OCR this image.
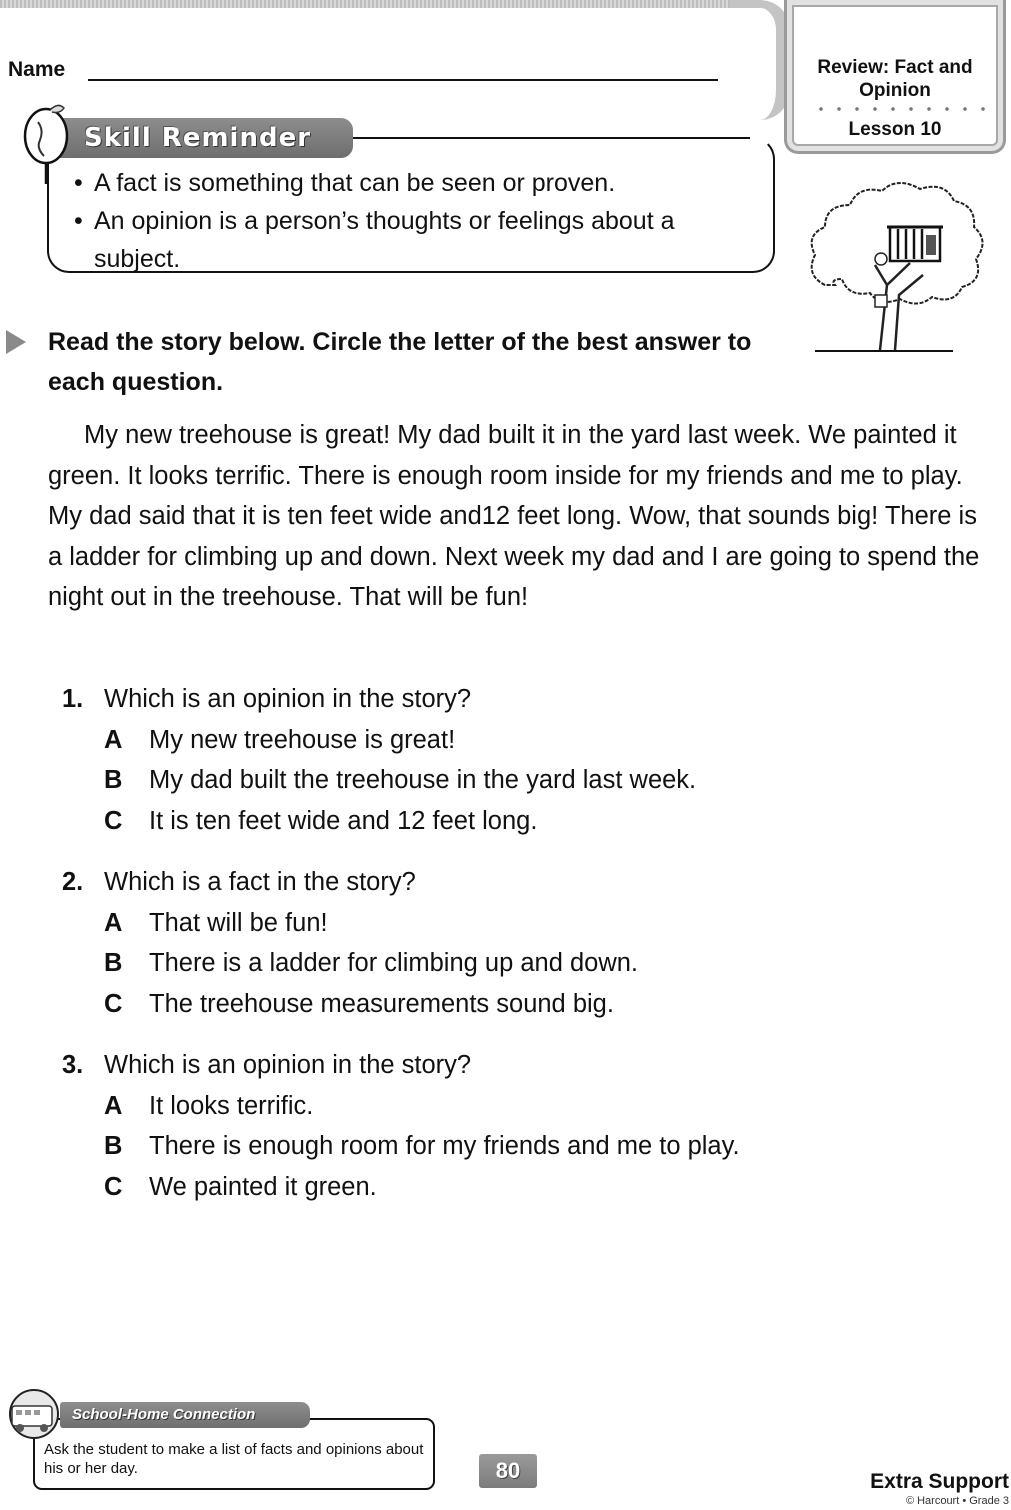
Review: Fact and Opinion
Lesson 10
Name
Skill Reminder
• A fact is something that can be seen or proven.
• An opinion is a person’s thoughts or feelings about a subject.
Read the story below. Circle the letter of the best answer to each question.
My new treehouse is great! My dad built it in the yard last week. We painted it green. It looks terrific. There is enough room inside for my friends and me to play. My dad said that it is ten feet wide and12 feet long. Wow, that sounds big! There is a ladder for climbing up and down. Next week my dad and I are going to spend the night out in the treehouse. That will be fun!
1. Which is an opinion in the story?
A	My new treehouse is great!
B	My dad built the treehouse in the yard last week.
C	It is ten feet wide and 12 feet long.
2. Which is a fact in the story?
A	That will be fun!
B	There is a ladder for climbing up and down.
C	The treehouse measurements sound big.
3. Which is an opinion in the story?
A	It looks terrific.
B	There is enough room for my friends and me to play.
C	We painted it green.
School-Home Connection
Ask the student to make a list of facts and opinions about his or her day.	80	Extra Support
© Harcourt • Grade 3
